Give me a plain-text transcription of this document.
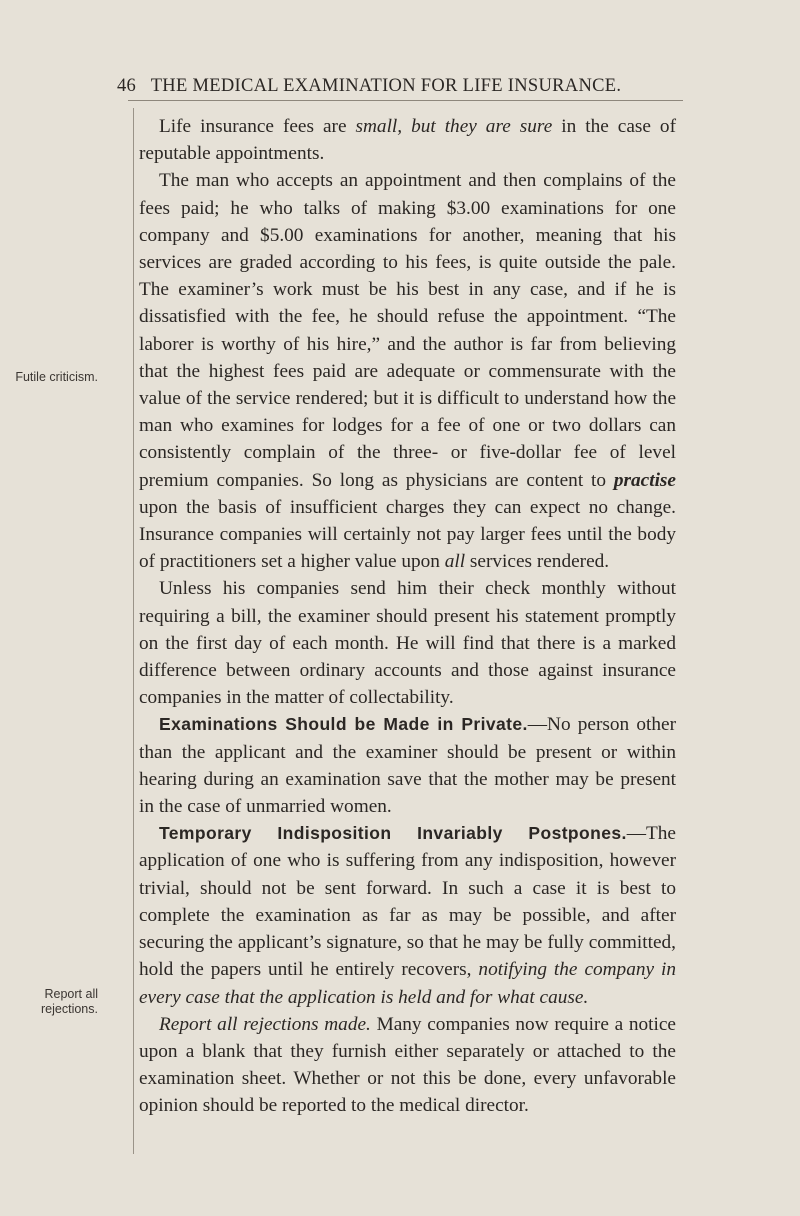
46 THE MEDICAL EXAMINATION FOR LIFE INSURANCE.
Futile criticism.
Report all rejections.

Life insurance fees are small, but they are sure in the case of reputable appointments.

The man who accepts an appointment and then complains of the fees paid; he who talks of making $3.00 examinations for one company and $5.00 examinations for another, meaning that his services are graded according to his fees, is quite outside the pale. The examiner’s work must be his best in any case, and if he is dissatisfied with the fee, he should refuse the appointment. “The laborer is worthy of his hire,” and the author is far from believing that the highest fees paid are adequate or commensurate with the value of the service rendered; but it is difficult to understand how the man who examines for lodges for a fee of one or two dollars can consistently complain of the three- or five-dollar fee of level premium companies. So long as physicians are content to practise upon the basis of insufficient charges they can expect no change. Insurance companies will certainly not pay larger fees until the body of practitioners set a higher value upon all services rendered.

Unless his companies send him their check monthly without requiring a bill, the examiner should present his statement promptly on the first day of each month. He will find that there is a marked difference between ordinary accounts and those against insurance companies in the matter of collectability.

Examinations Should be Made in Private.—No person other than the applicant and the examiner should be present or within hearing during an examination save that the mother may be present in the case of unmarried women.

Temporary Indisposition Invariably Postpones.—The application of one who is suffering from any indisposition, however trivial, should not be sent forward. In such a case it is best to complete the examination as far as may be possible, and after securing the applicant’s signature, so that he may be fully committed, hold the papers until he entirely recovers, notifying the company in every case that the application is held and for what cause.

Report all rejections made. Many companies now require a notice upon a blank that they furnish either separately or attached to the examination sheet. Whether or not this be done, every unfavorable opinion should be reported to the medical director.
